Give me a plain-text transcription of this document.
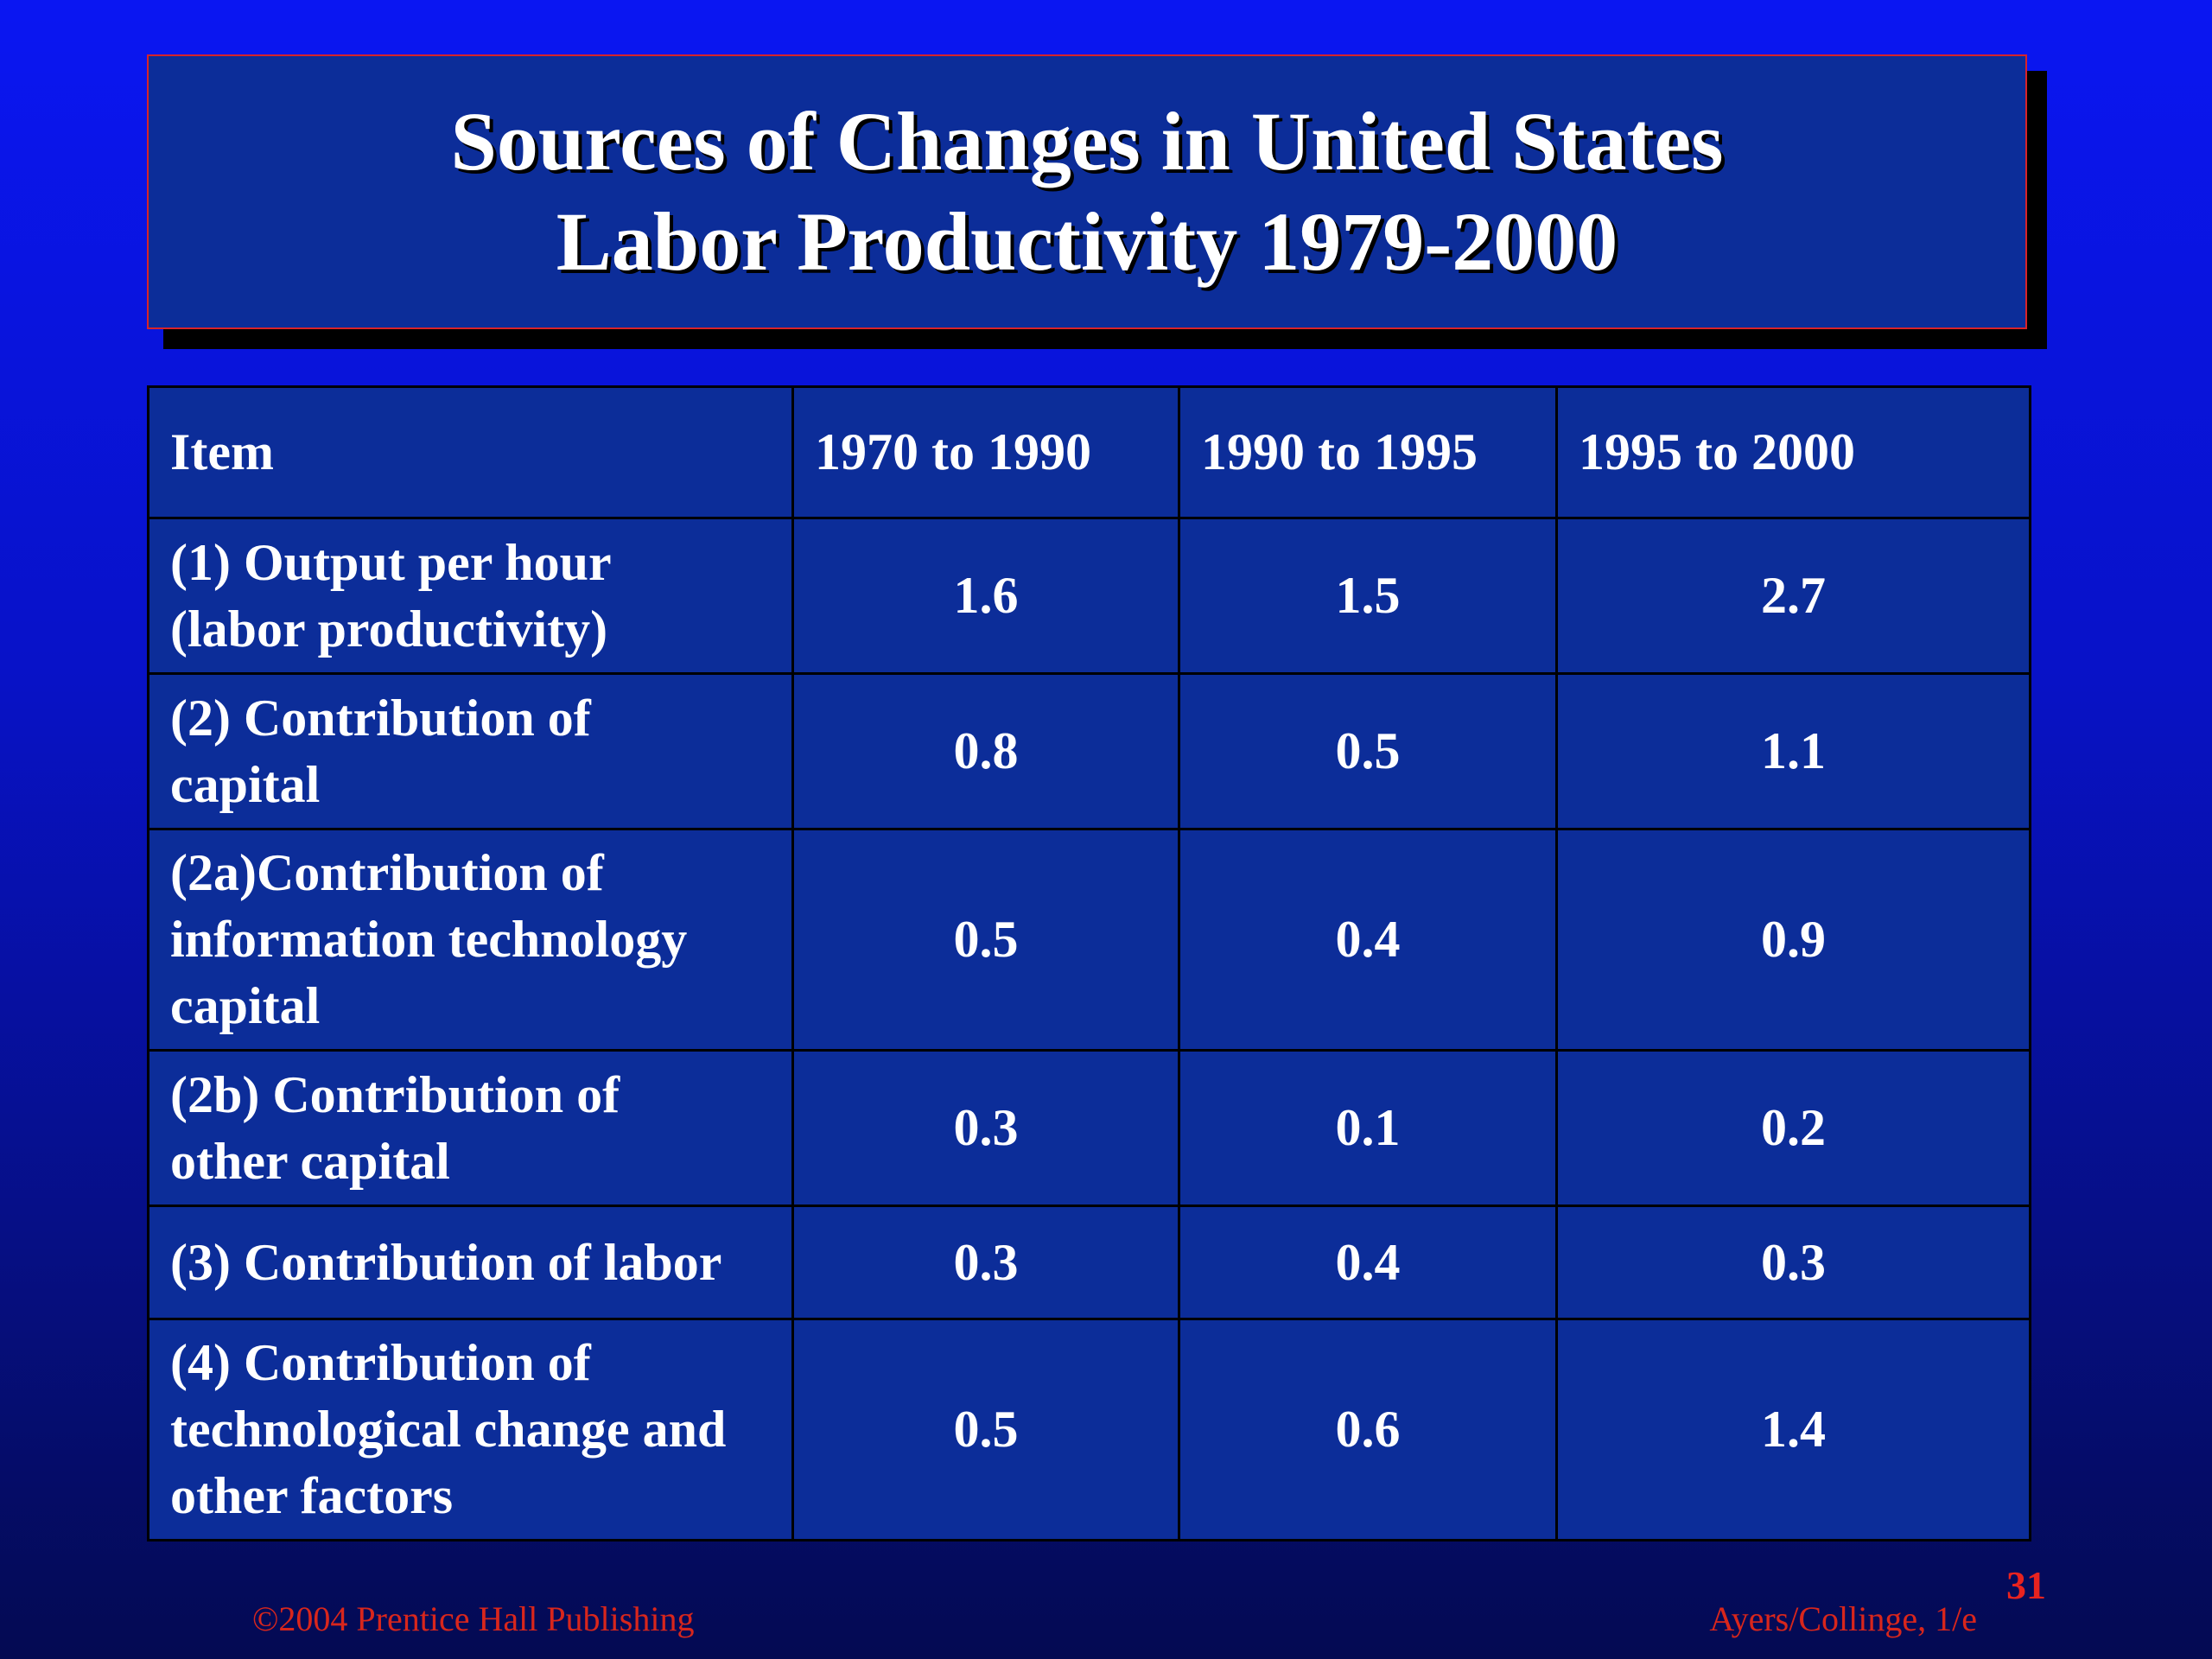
Sources of Changes in United States
Labor Productivity 1979-2000
Item	1970 to 1990	1990 to 1995	1995 to 2000

(1) Output per hour
(labor productivity)	1.6	1.5	2.7

(2) Contribution of
capital	0.8	0.5	1.1

(2a)Contribution of
information technology
capital	0.5	0.4	0.9

(2b) Contribution of
other capital	0.3	0.1	0.2

(3) Contribution of labor	0.3	0.4	0.3

(4) Contribution of
technological change and
other factors	0.5	0.6	1.4
31
©2004 Prentice Hall Publishing	Ayers/Collinge, 1/e
